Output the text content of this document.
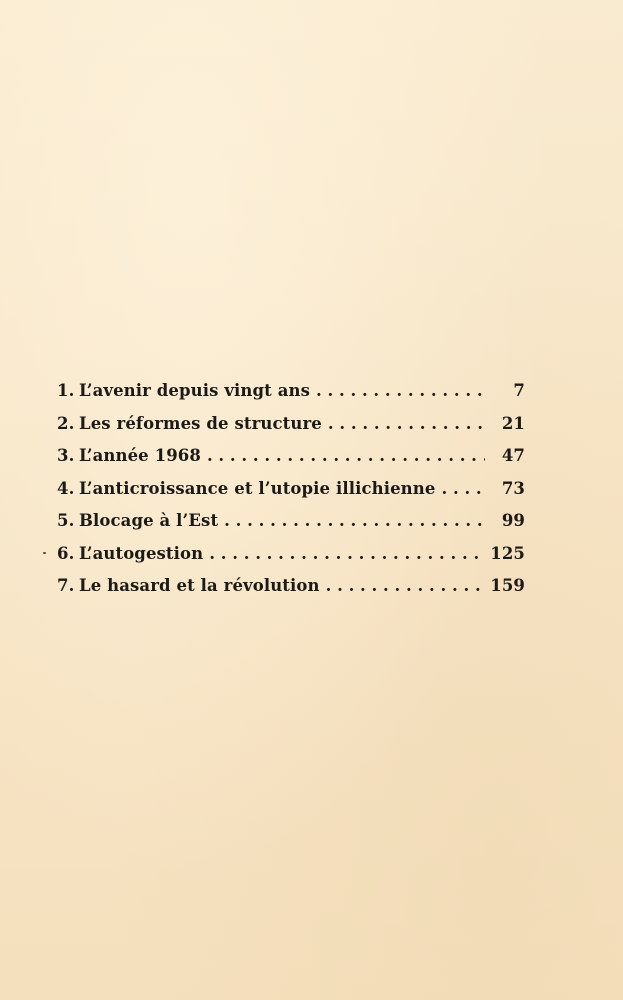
1. L’avenir depuis vingt ans . . .	7
2. Les réformes de structure . . .	21
3. L’année 1968 . . .	47
4. L’anticroissance et l’utopie illichienne . . .	73
5. Blocage à l’Est . . .	99
6. L’autogestion . . .	125
7. Le hasard et la révolution . . .	159
